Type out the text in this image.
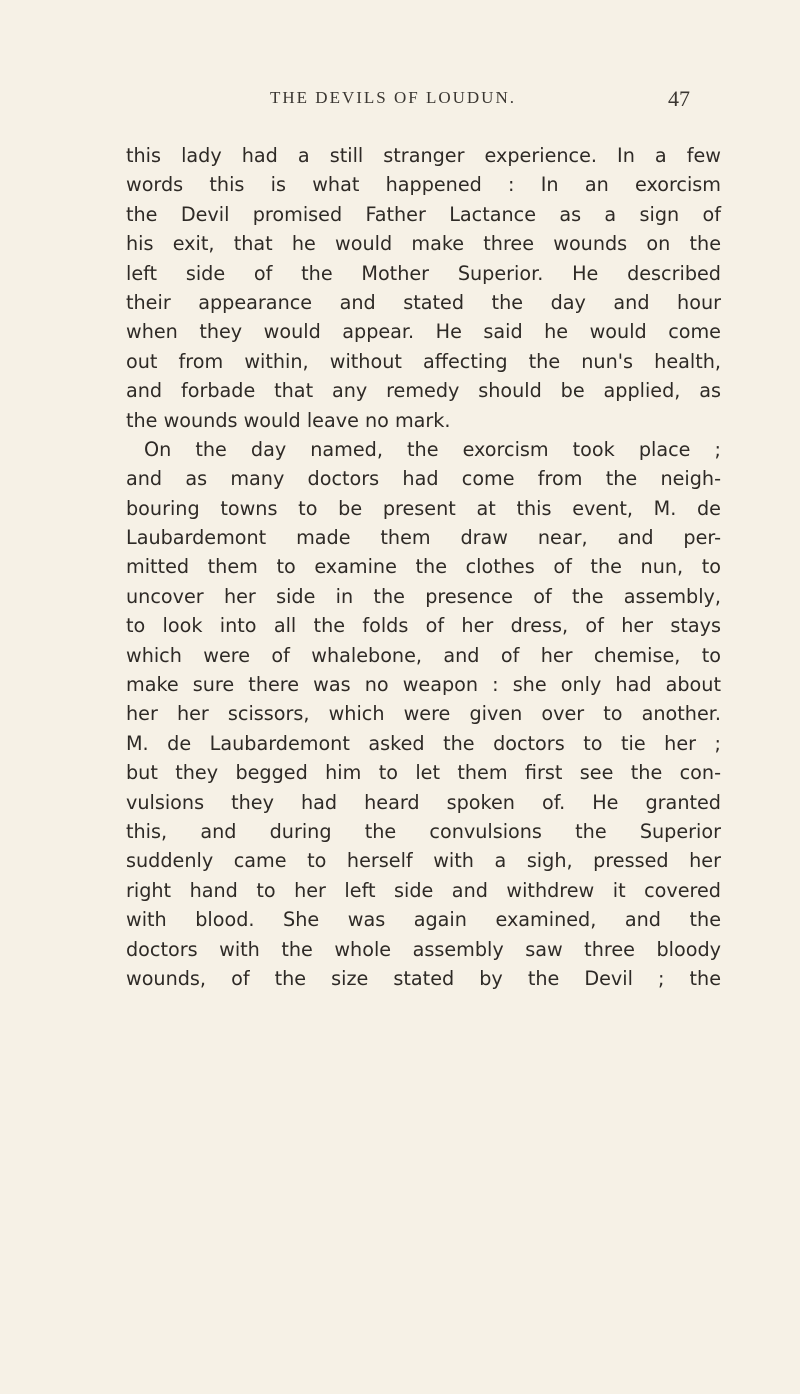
THE DEVILS OF LOUDUN.	47
this lady had a still stranger experience. In a few
words this is what happened : In an exorcism
the Devil promised Father Lactance as a sign of
his exit, that he would make three wounds on the
left side of the Mother Superior. He described
their appearance and stated the day and hour
when they would appear. He said he would come
out from within, without affecting the nun's health,
and forbade that any remedy should be applied, as
the wounds would leave no mark.
On the day named, the exorcism took place ;
and as many doctors had come from the neigh-
bouring towns to be present at this event, M. de
Laubardemont made them draw near, and per-
mitted them to examine the clothes of the nun, to
uncover her side in the presence of the assembly,
to look into all the folds of her dress, of her stays
which were of whalebone, and of her chemise, to
make sure there was no weapon : she only had about
her her scissors, which were given over to another.
M. de Laubardemont asked the doctors to tie her ;
but they begged him to let them first see the con-
vulsions they had heard spoken of. He granted
this, and during the convulsions the Superior
suddenly came to herself with a sigh, pressed her
right hand to her left side and withdrew it covered
with blood. She was again examined, and the
doctors with the whole assembly saw three bloody
wounds, of the size stated by the Devil ; the
